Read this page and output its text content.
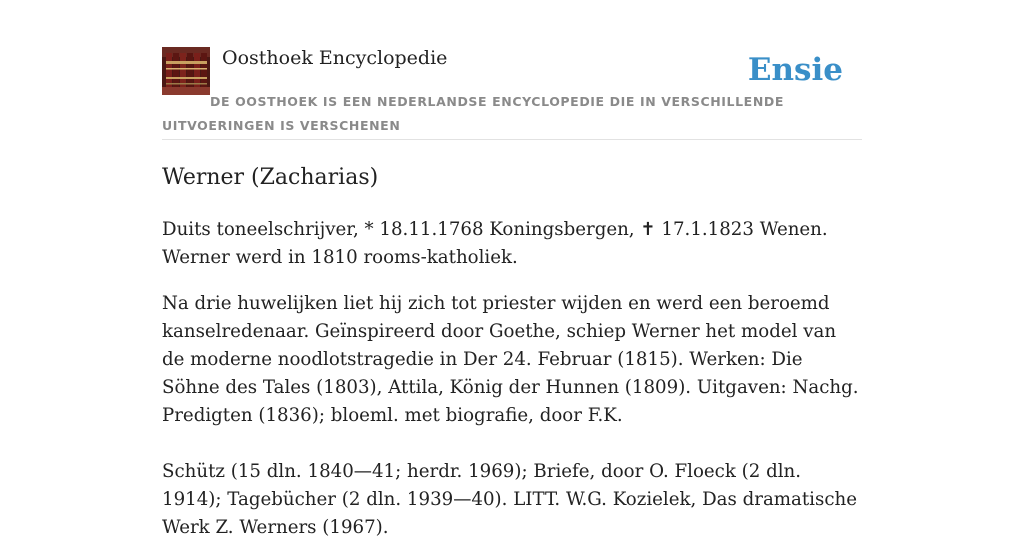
Oosthoek Encyclopedie	Ensie
DE OOSTHOEK IS EEN NEDERLANDSE ENCYCLOPEDIE DIE IN VERSCHILLENDE UITVOERINGEN IS VERSCHENEN
Werner (Zacharias)

Duits toneelschrijver, * 18.11.1768 Koningsbergen, ✝ 17.1.1823 Wenen. Werner werd in 1810 rooms-katholiek.

Na drie huwelijken liet hij zich tot priester wijden en werd een beroemd kanselredenaar. Geïnspireerd door Goethe, schiep Werner het model van de moderne noodlotstragedie in Der 24. Februar (1815). Werken: Die Söhne des Tales (1803), Attila, König der Hunnen (1809). Uitgaven: Nachg. Predigten (1836); bloeml. met biografie, door F.K.

Schütz (15 dln. 1840—41; herdr. 1969); Briefe, door O. Floeck (2 dln. 1914); Tagebücher (2 dln. 1939—40). LITT. W.G. Kozielek, Das dramatische Werk Z. Werners (1967).
